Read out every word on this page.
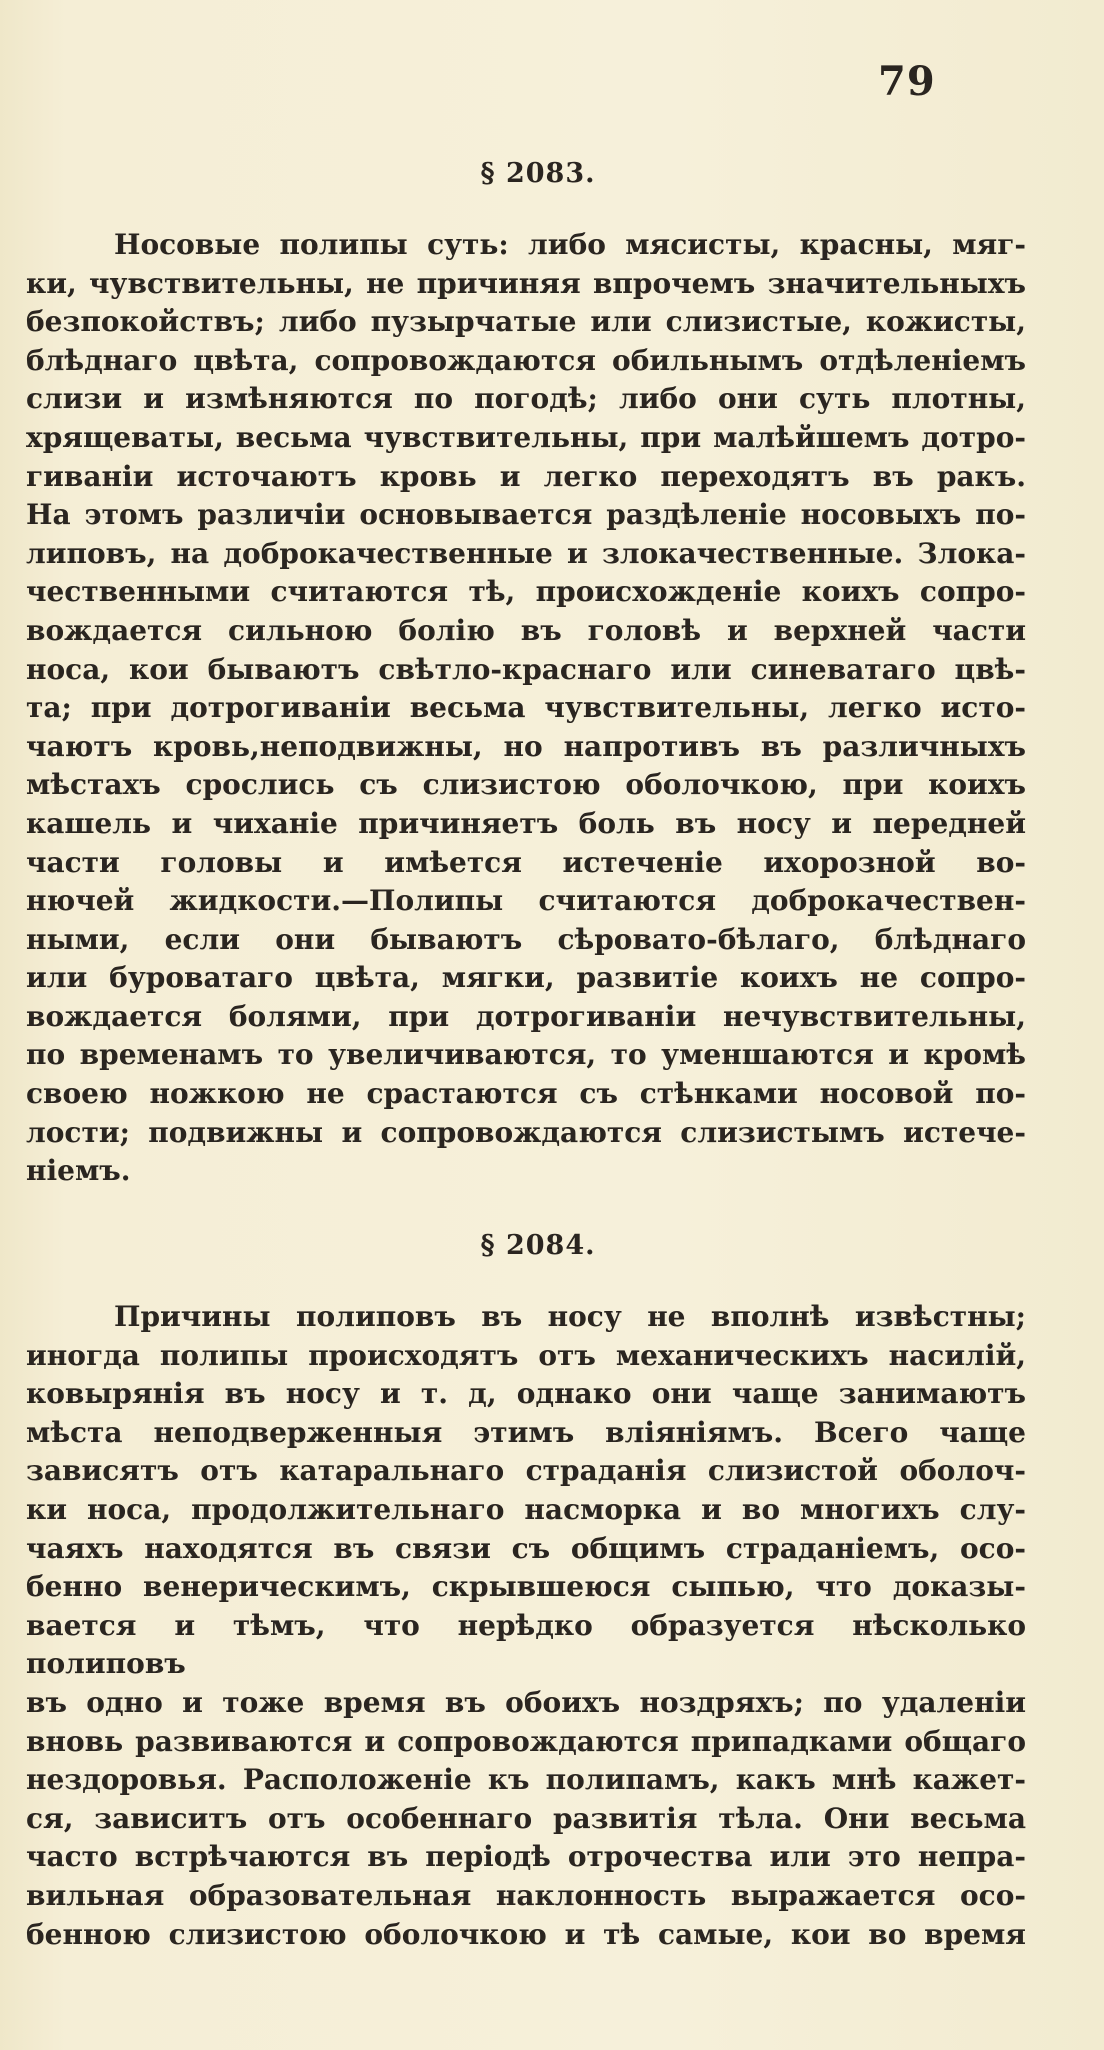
79
§ 2083.
Носовые полипы суть: либо мясисты, красны, мяг-
ки, чувствительны, не причиняя впрочемъ значительныхъ
безпокойствъ; либо пузырчатые или слизистые, кожисты,
блѣднаго цвѣта, сопровождаются обильнымъ отдѣленiемъ
слизи и измѣняются по погодѣ; либо они суть плотны,
хрящеваты, весьма чувствительны, при малѣйшемъ дотро-
гиванiи источаютъ кровь и легко переходятъ въ ракъ.
На этомъ различiи основывается раздѣленiе носовыхъ по-
липовъ, на доброкачественные и злокачественные. Злока-
чественными считаются тѣ, происхожденiе коихъ сопро-
вождается сильною болiю въ головѣ и верхней части
носа, кои бываютъ свѣтло-краснаго или синеватаго цвѣ-
та; при дотрогиванiи весьма чувствительны, легко исто-
чаютъ кровь,неподвижны, но напротивъ въ различныхъ
мѣстахъ срослись съ слизистою оболочкою, при коихъ
кашель и чиханiе причиняетъ боль въ носу и передней
части головы и имѣется истеченiе ихорозной во-
нючей жидкости.—Полипы считаются доброкачествен-
ными, если они бываютъ сѣровато-бѣлаго, блѣднаго
или буроватаго цвѣта, мягки, развитiе коихъ не сопро-
вождается болями, при дотрогиванiи нечувствительны,
по временамъ то увеличиваются, то уменшаются и кромѣ
своею ножкою не срастаются съ стѣнками носовой по-
лости; подвижны и сопровождаются слизистымъ истече-
нiемъ.
§ 2084.
Причины полиповъ въ носу не вполнѣ извѣстны;
иногда полипы происходятъ отъ механическихъ насилiй,
ковырянiя въ носу и т. д, однако они чаще занимаютъ
мѣста неподверженныя этимъ влiянiямъ. Всего чаще
зависятъ отъ катаральнаго страданiя слизистой оболоч-
ки носа, продолжительнаго насморка и во многихъ слу-
чаяхъ находятся въ связи съ общимъ страданiемъ, осо-
бенно венерическимъ, скрывшеюся сыпью, что доказы-
вается и тѣмъ, что нерѣдко образуется нѣсколько полиповъ
въ одно и тоже время въ обоихъ ноздряхъ; по удаленiи
вновь развиваются и сопровождаются припадками общаго
нездоровья. Расположенiе къ полипамъ, какъ мнѣ кажет-
ся, зависитъ отъ особеннаго развитiя тѣла. Они весьма
часто встрѣчаются въ перiодѣ отрочества или это непра-
вильная образовательная наклонность выражается осо-
бенною слизистою оболочкою и тѣ самые, кои во время
